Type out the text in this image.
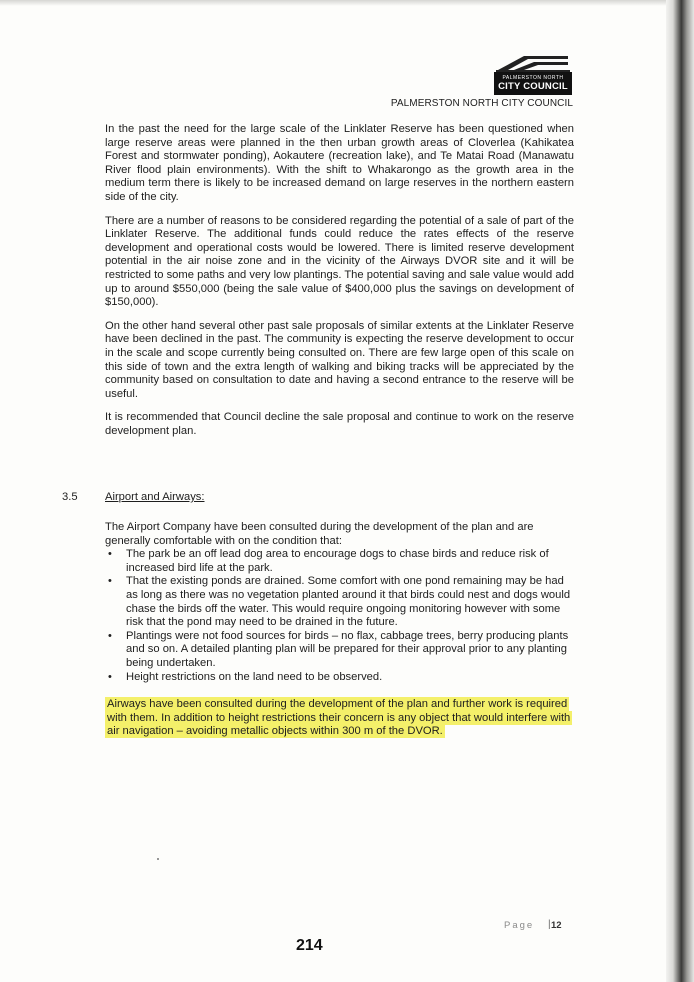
PALMERSTON NORTH
CITY COUNCIL
PALMERSTON NORTH CITY COUNCIL

In the past the need for the large scale of the Linklater Reserve has been questioned when large reserve areas were planned in the then urban growth areas of Cloverlea (Kahikatea Forest and stormwater ponding), Aokautere (recreation lake), and Te Matai Road (Manawatu River flood plain environments). With the shift to Whakarongo as the growth area in the medium term there is likely to be increased demand on large reserves in the northern eastern side of the city.

There are a number of reasons to be considered regarding the potential of a sale of part of the Linklater Reserve. The additional funds could reduce the rates effects of the reserve development and operational costs would be lowered. There is limited reserve development potential in the air noise zone and in the vicinity of the Airways DVOR site and it will be restricted to some paths and very low plantings. The potential saving and sale value would add up to around $550,000 (being the sale value of $400,000 plus the savings on development of $150,000).

On the other hand several other past sale proposals of similar extents at the Linklater Reserve have been declined in the past. The community is expecting the reserve development to occur in the scale and scope currently being consulted on. There are few large open of this scale on this side of town and the extra length of walking and biking tracks will be appreciated by the community based on consultation to date and having a second entrance to the reserve will be useful.

It is recommended that Council decline the sale proposal and continue to work on the reserve development plan.

3.5 Airport and Airways:

The Airport Company have been consulted during the development of the plan and are generally comfortable with on the condition that:

• The park be an off lead dog area to encourage dogs to chase birds and reduce risk of increased bird life at the park.
• That the existing ponds are drained. Some comfort with one pond remaining may be had as long as there was no vegetation planted around it that birds could nest and dogs would chase the birds off the water. This would require ongoing monitoring however with some risk that the pond may need to be drained in the future.
• Plantings were not food sources for birds – no flax, cabbage trees, berry producing plants and so on. A detailed planting plan will be prepared for their approval prior to any planting being undertaken.
• Height restrictions on the land need to be observed.
Airways have been consulted during the development of the plan and further work is required with them. In addition to height restrictions their concern is any object that would interfere with air navigation – avoiding metallic objects within 300 m of the DVOR.
Page | 12
214
